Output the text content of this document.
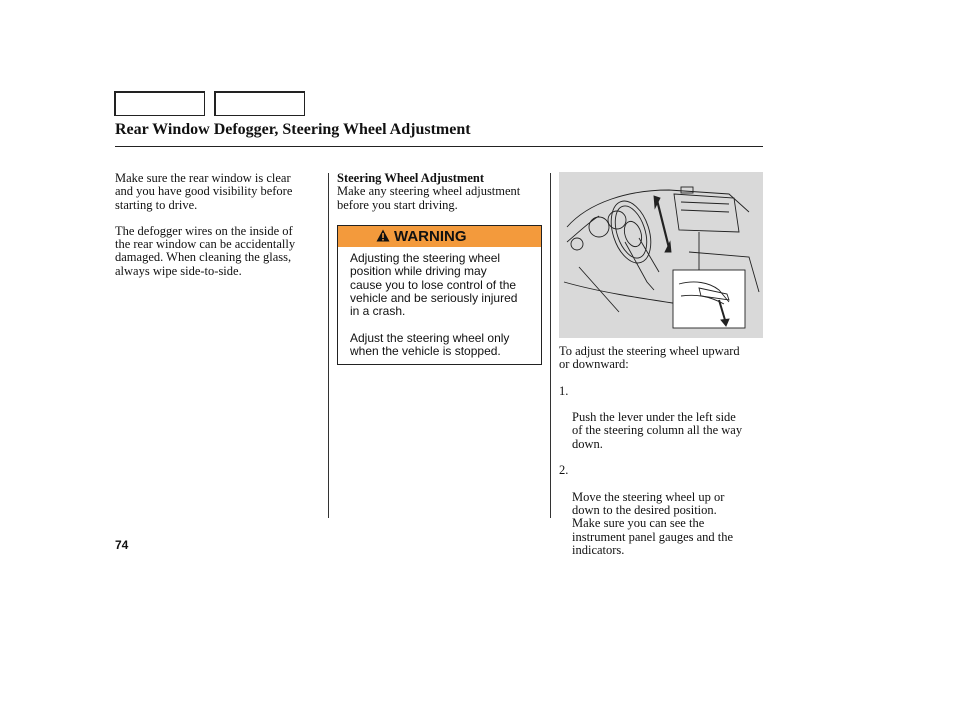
Rear Window Defogger, Steering Wheel Adjustment

Make sure the rear window is clear
and you have good visibility before
starting to drive.

The defogger wires on the inside of
the rear window can be accidentally
damaged. When cleaning the glass,
always wipe side-to-side.

Steering Wheel Adjustment

Make any steering wheel adjustment
before you start driving.

WARNING
Adjusting the steering wheel
position while driving may
cause you to lose control of the
vehicle and be seriously injured
in a crash.
Adjust the steering wheel only
when the vehicle is stopped.	To adjust the steering wheel upward
or downward:

1.

Push the lever under the left side
of the steering column all the way
down.

2.

Move the steering wheel up or
down to the desired position.
Make sure you can see the
instrument panel gauges and the
indicators.

74
